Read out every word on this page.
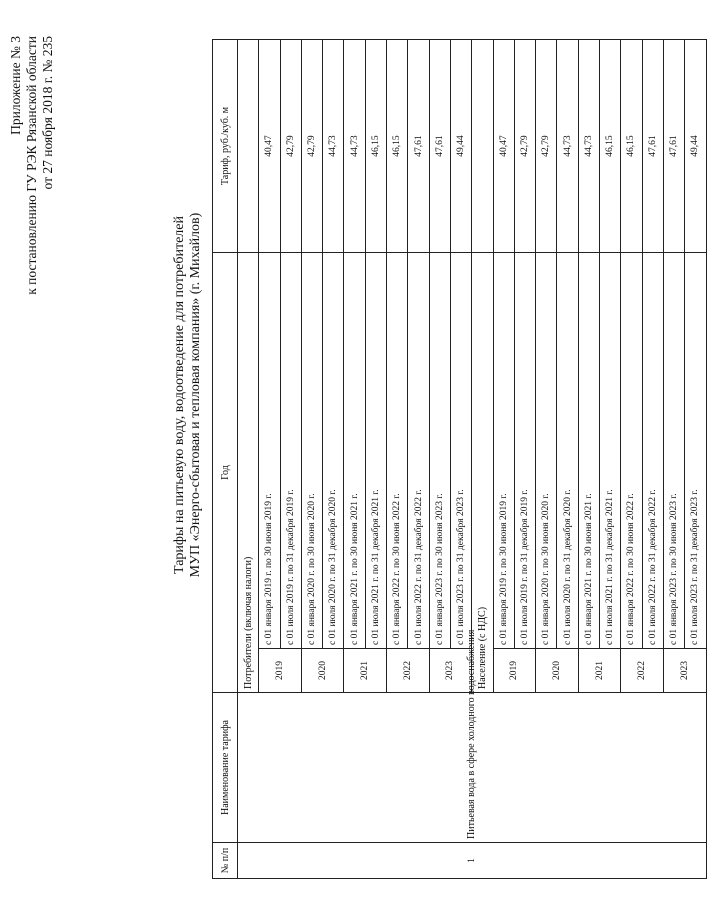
Приложение № 3 к постановлению ГУ РЭК Рязанской области от 27 ноября 2018 г. № 235
Тарифы на питьевую воду, водоотведение для потребителей МУП «Энерго-сбытовая и тепловая компания» (г. Михайлов)
№ п/п	Наименование тарифа	Год		Тариф, руб./куб. м
1	Питьевая вода в сфере холодного водоснабжения	Потребители (включая налоги)		
		2019	с 01 января 2019 г. по 30 июня 2019 г.	40,47
			с 01 июля 2019 г. по 31 декабря 2019 г.	42,79
		2020	с 01 января 2020 г. по 30 июня 2020 г.	42,79
			с 01 июля 2020 г. по 31 декабря 2020 г.	44,73
		2021	с 01 января 2021 г. по 30 июня 2021 г.	44,73
			с 01 июля 2021 г. по 31 декабря 2021 г.	46,15
		2022	с 01 января 2022 г. по 30 июня 2022 г.	46,15
			с 01 июля 2022 г. по 31 декабря 2022 г.	47,61
		2023	с 01 января 2023 г. по 30 июня 2023 г.	47,61
			с 01 июля 2023 г. по 31 декабря 2023 г.	49,44
		Население (с НДС)		
		2019	с 01 января 2019 г. по 30 июня 2019 г.	40,47
			с 01 июля 2019 г. по 31 декабря 2019 г.	42,79
		2020	с 01 января 2020 г. по 30 июня 2020 г.	42,79
			с 01 июля 2020 г. по 31 декабря 2020 г.	44,73
		2021	с 01 января 2021 г. по 30 июня 2021 г.	44,73
			с 01 июля 2021 г. по 31 декабря 2021 г.	46,15
		2022	с 01 января 2022 г. по 30 июня 2022 г.	46,15
			с 01 июля 2022 г. по 31 декабря 2022 г.	47,61
		2023	с 01 января 2023 г. по 30 июня 2023 г.	47,61
			с 01 июля 2023 г. по 31 декабря 2023 г.	49,44
